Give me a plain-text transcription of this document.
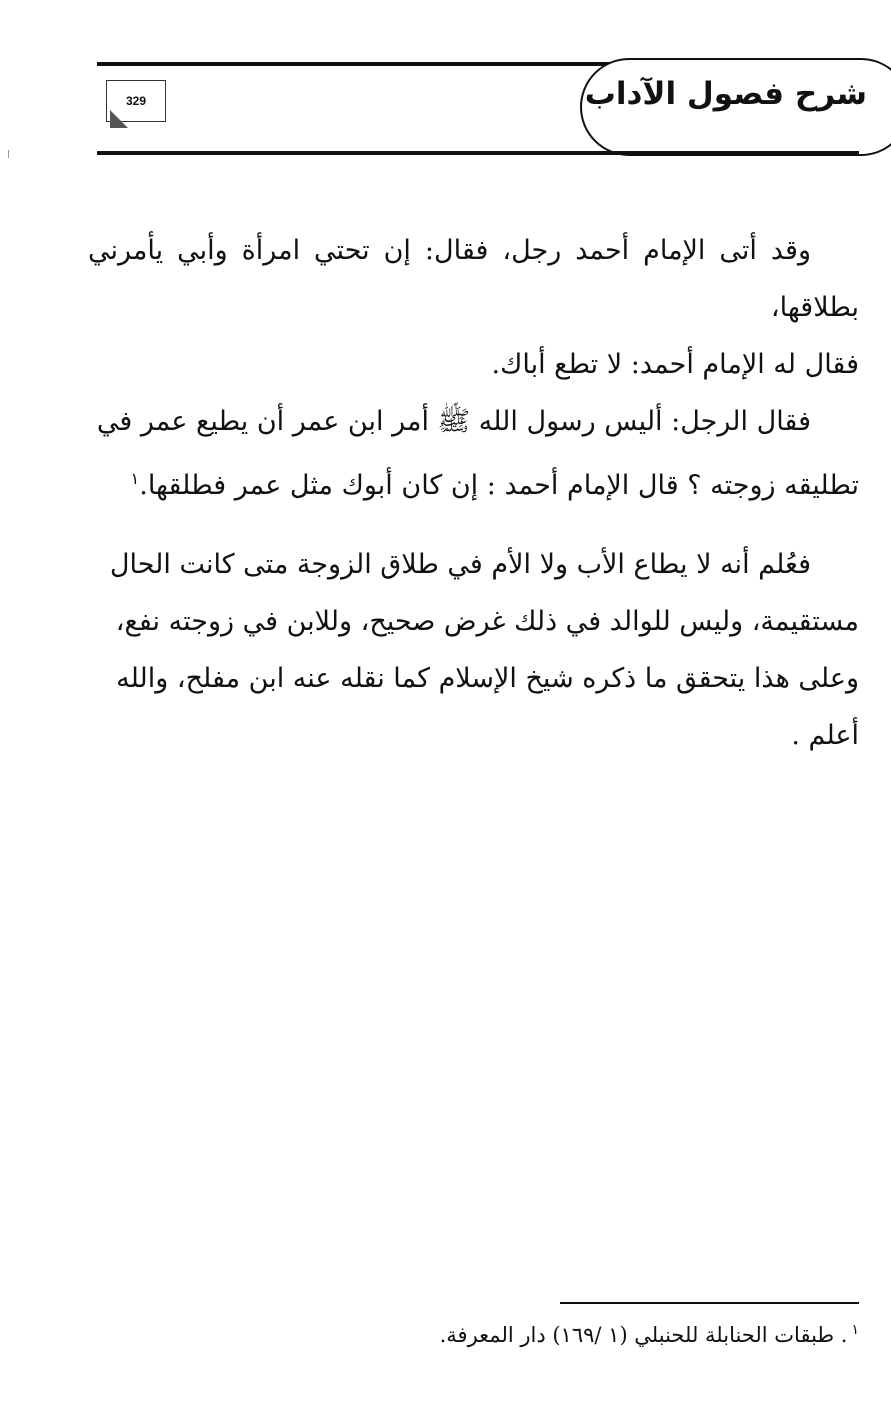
شرح فصول الآداب
329

وقد أتى الإمام أحمد رجل، فقال: إن تحتي امرأة وأبي يأمرني بطلاقها،

فقال له الإمام أحمد: لا تطع أباك.

فقال الرجل: أليس رسول الله ﷺ أمر ابن عمر أن يطيع عمر في

تطليقه زوجته ؟ قال الإمام أحمد : إن كان أبوك مثل عمر فطلقها.$^١$

فعُلم أنه لا يطاع الأب ولا الأم في طلاق الزوجة متى كانت الحال

مستقيمة، وليس للوالد في ذلك غرض صحيح، وللابن في زوجته نفع،

وعلى هذا يتحقق ما ذكره شيخ الإسلام كما نقله عنه ابن مفلح، والله

أعلم .

$^١$. طبقات الحنابلة للحنبلي (١ /١٦٩) دار المعرفة.
